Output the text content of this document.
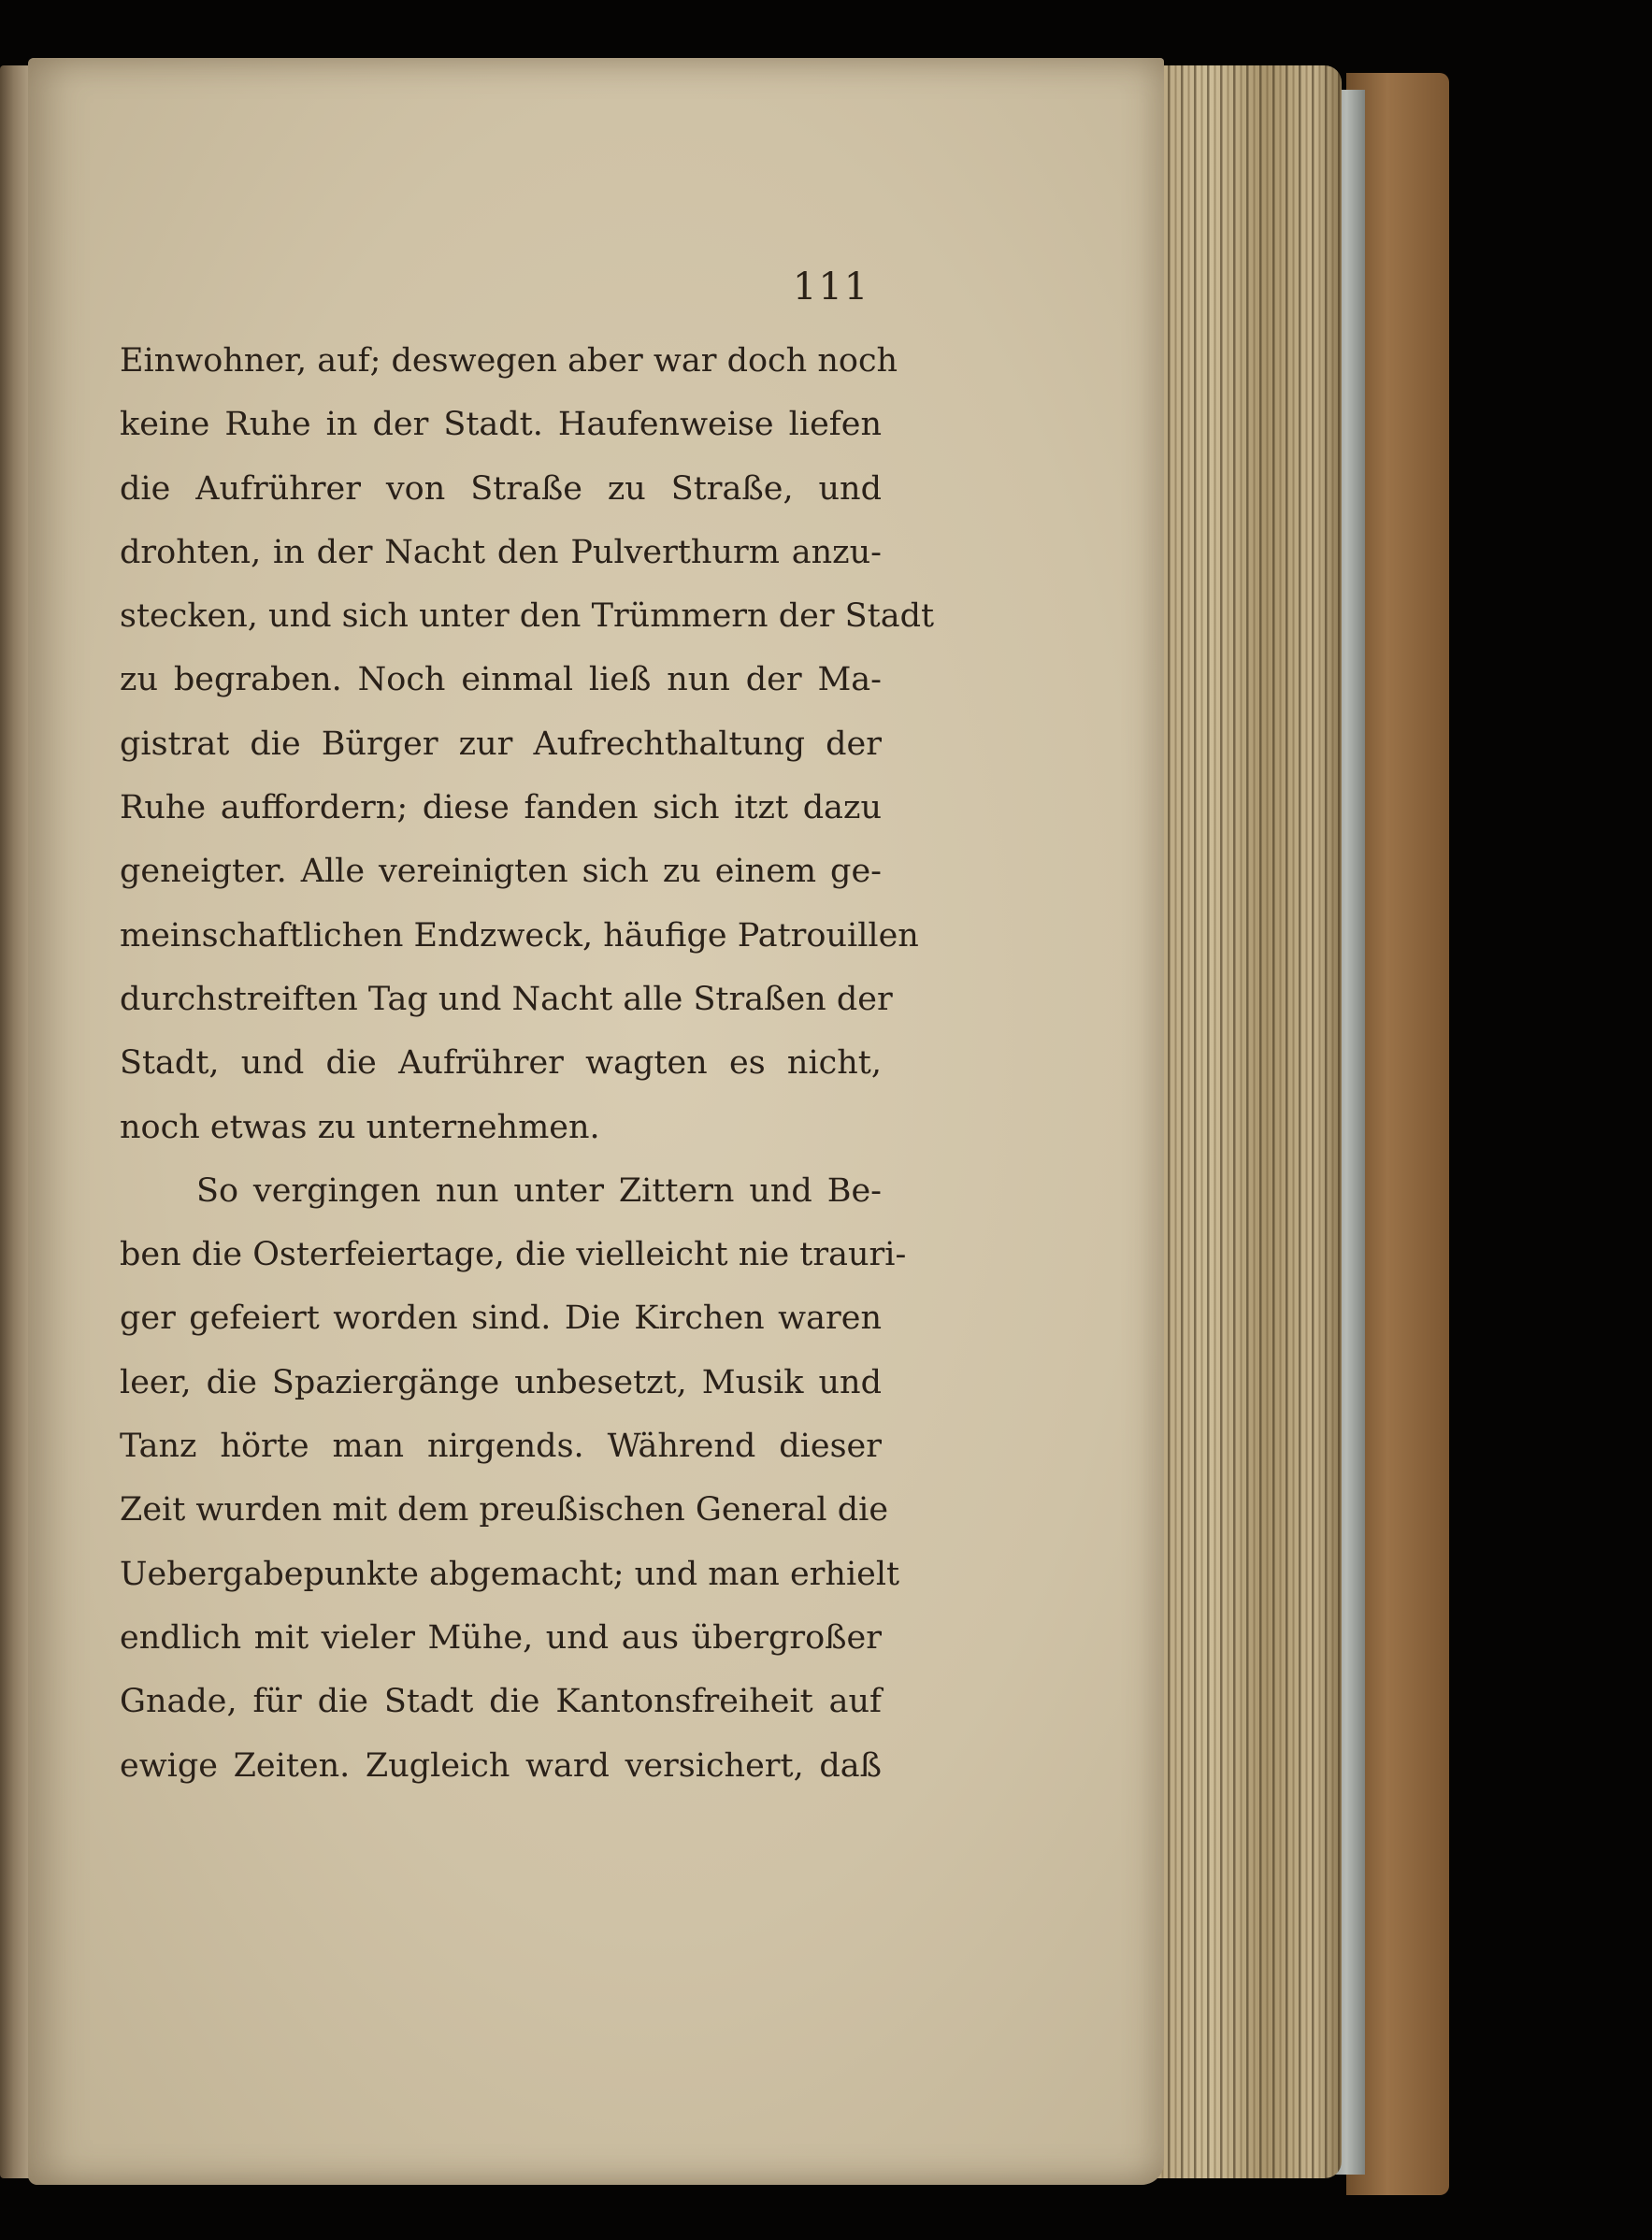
111
Einwohner, auf; deswegen aber war doch noch
keine Ruhe in der Stadt. Haufenweise liefen
die Aufrührer von Straße zu Straße, und
drohten, in der Nacht den Pulverthurm anzu-
stecken, und sich unter den Trümmern der Stadt
zu begraben. Noch einmal ließ nun der Ma-
gistrat die Bürger zur Aufrechthaltung der
Ruhe auffordern; diese fanden sich itzt dazu
geneigter. Alle vereinigten sich zu einem ge-
meinschaftlichen Endzweck, häufige Patrouillen
durchstreiften Tag und Nacht alle Straßen der
Stadt, und die Aufrührer wagten es nicht,
noch etwas zu unternehmen.
So vergingen nun unter Zittern und Be-
ben die Osterfeiertage, die vielleicht nie trauri-
ger gefeiert worden sind. Die Kirchen waren
leer, die Spaziergänge unbesetzt, Musik und
Tanz hörte man nirgends. Während dieser
Zeit wurden mit dem preußischen General die
Uebergabepunkte abgemacht; und man erhielt
endlich mit vieler Mühe, und aus übergroßer
Gnade, für die Stadt die Kantonsfreiheit auf
ewige Zeiten. Zugleich ward versichert, daß
